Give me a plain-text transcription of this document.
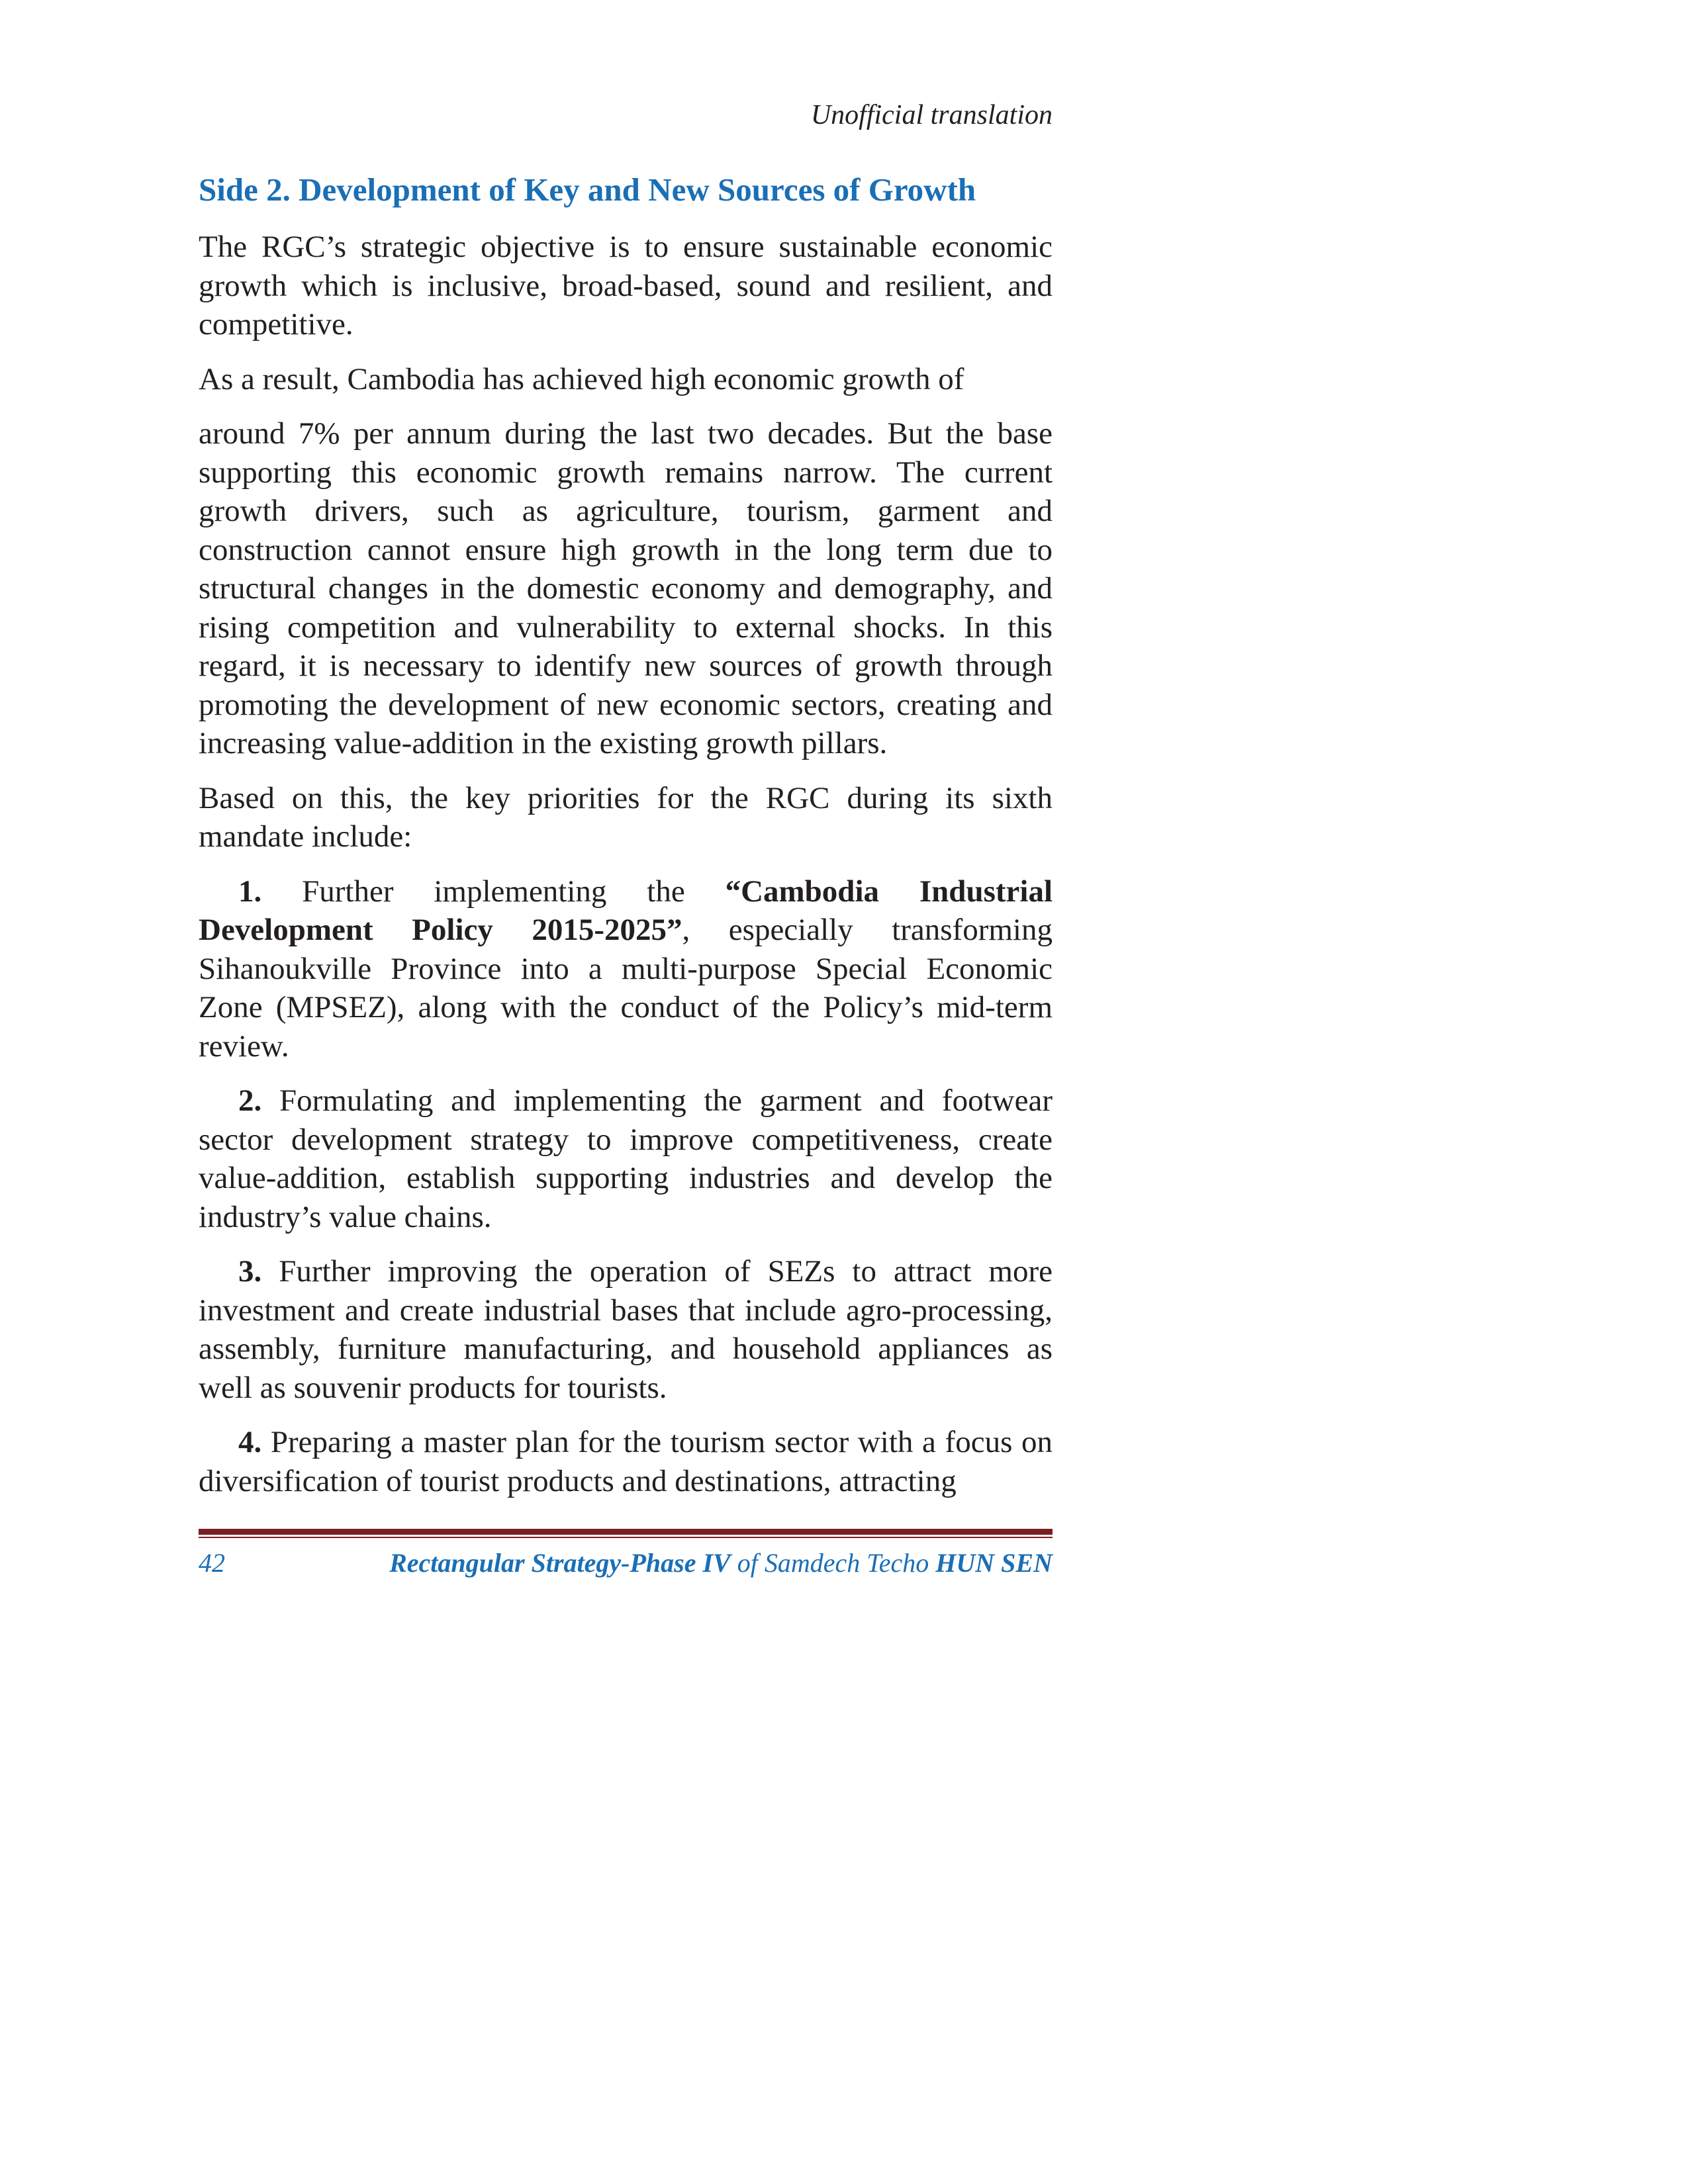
Unofficial translation
Side 2. Development of Key and New Sources of Growth

The RGC’s strategic objective is to ensure sustainable economic growth which is inclusive, broad-based, sound and resilient, and competitive.

As a result, Cambodia has achieved high economic growth of

around 7% per annum during the last two decades. But the base supporting this economic growth remains narrow. The current growth drivers, such as agriculture, tourism, garment and construction cannot ensure high growth in the long term due to structural changes in the domestic economy and demography, and rising competition and vulnerability to external shocks. In this regard, it is necessary to identify new sources of growth through promoting the development of new economic sectors, creating and increasing value-addition in the existing growth pillars.

Based on this, the key priorities for the RGC during its sixth mandate include:

1. Further implementing the “Cambodia Industrial Development Policy 2015-2025”, especially transforming Sihanoukville Province into a multi-purpose Special Economic Zone (MPSEZ), along with the conduct of the Policy’s mid-term review.

2. Formulating and implementing the garment and footwear sector development strategy to improve competitiveness, create value-addition, establish supporting industries and develop the industry’s value chains.

3. Further improving the operation of SEZs to attract more investment and create industrial bases that include agro-processing, assembly, furniture manufacturing, and household appliances as well as souvenir products for tourists.

4. Preparing a master plan for the tourism sector with a focus on diversification of tourist products and destinations, attracting

42	Rectangular Strategy-Phase IV of Samdech Techo HUN SEN
